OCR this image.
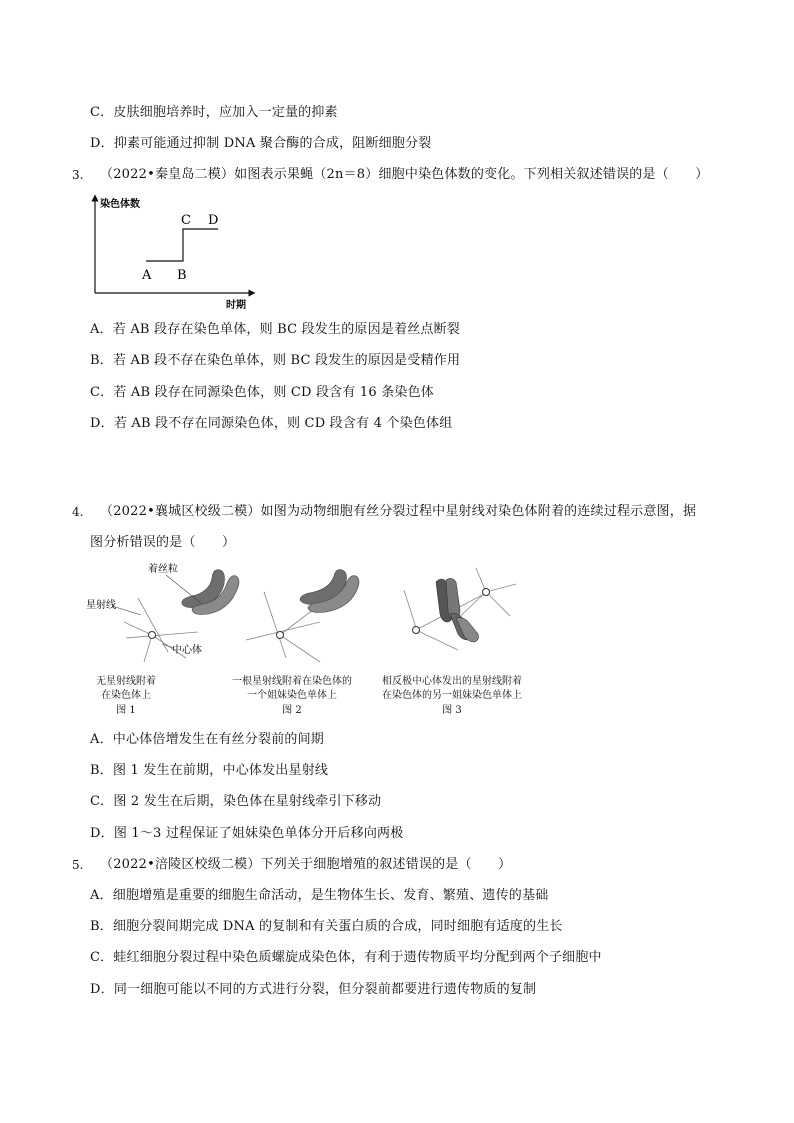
C．皮肤细胞培养时，应加入一定量的抑素
D．抑素可能通过抑制 DNA 聚合酶的合成，阻断细胞分裂
3. （2022•秦皇岛二模）如图表示果蝇（2n＝8）细胞中染色体数的变化。下列相关叙述错误的是（　　）
染色体数
时期
A B
C D
A．若 AB 段存在染色单体，则 BC 段发生的原因是着丝点断裂
B．若 AB 段不存在染色单体，则 BC 段发生的原因是受精作用
C．若 AB 段存在同源染色体，则 CD 段含有 16 条染色体
D．若 AB 段不存在同源染色体，则 CD 段含有 4 个染色体组
4. （2022•襄城区校级二模）如图为动物细胞有丝分裂过程中星射线对染色体附着的连续过程示意图，据
图分析错误的是（　　）
着丝粒
星射线
中心体
无星射线附着
在染色体上
图 1
一根星射线附着在染色体的
一个姐妹染色单体上
图 2
相反极中心体发出的星射线附着
在染色体的另一姐妹染色单体上
图 3
A．中心体倍增发生在有丝分裂前的间期
B．图 1 发生在前期，中心体发出星射线
C．图 2 发生在后期，染色体在星射线牵引下移动
D．图 1～3 过程保证了姐妹染色单体分开后移向两极
5. （2022•涪陵区校级二模）下列关于细胞增殖的叙述错误的是（　　）
A．细胞增殖是重要的细胞生命活动，是生物体生长、发育、繁殖、遗传的基础
B．细胞分裂间期完成 DNA 的复制和有关蛋白质的合成，同时细胞有适度的生长
C．蛙红细胞分裂过程中染色质螺旋成染色体，有利于遗传物质平均分配到两个子细胞中
D．同一细胞可能以不同的方式进行分裂，但分裂前都要进行遗传物质的复制
